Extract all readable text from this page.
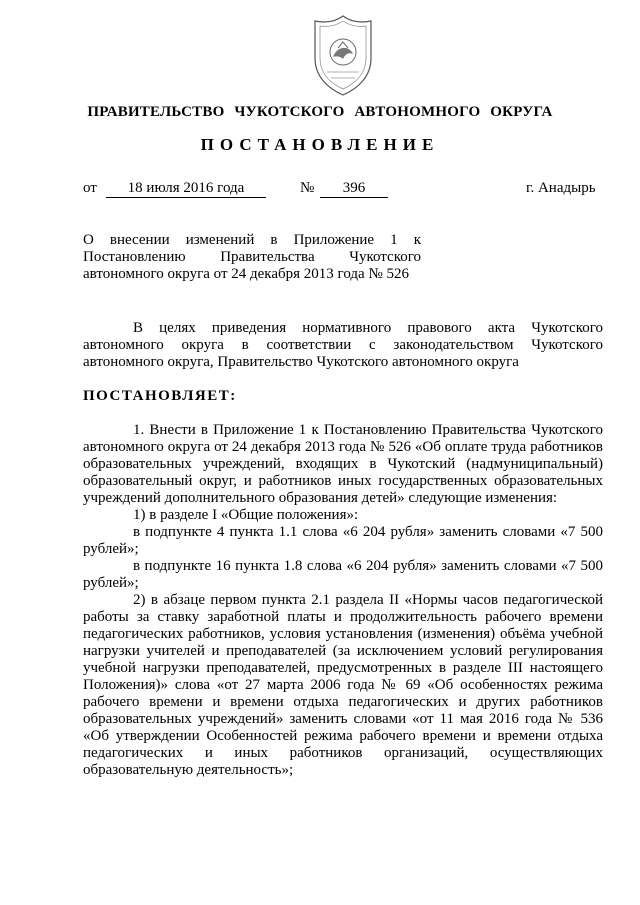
ПРАВИТЕЛЬСТВО ЧУКОТСКОГО АВТОНОМНОГО ОКРУГА
ПОСТАНОВЛЕНИЕ
от	18 июля 2016 года	№	396	г. Анадырь
О внесении изменений в Приложение 1 к Постановлению Правительства Чукотского автономного округа от 24 декабря 2013 года № 526

В целях приведения нормативного правового акта Чукотского автономного округа в соответствии с законодательством Чукотского автономного округа, Правительство Чукотского автономного округа

ПОСТАНОВЛЯЕТ:

1. Внести в Приложение 1 к Постановлению Правительства Чукотского автономного округа от 24 декабря 2013 года № 526 «Об оплате труда работников образовательных учреждений, входящих в Чукотский (надмуниципальный) образовательный округ, и работников иных государственных образовательных учреждений дополнительного образования детей» следующие изменения:

1) в разделе I «Общие положения»:

в подпункте 4 пункта 1.1 слова «6 204 рубля» заменить словами «7 500 рублей»;

в подпункте 16 пункта 1.8 слова «6 204 рубля» заменить словами «7 500 рублей»;

2) в абзаце первом пункта 2.1 раздела II «Нормы часов педагогической работы за ставку заработной платы и продолжительность рабочего времени педагогических работников, условия установления (изменения) объёма учебной нагрузки учителей и преподавателей (за исключением условий регулирования учебной нагрузки преподавателей, предусмотренных в разделе III настоящего Положения)» слова «от 27 марта 2006 года № 69 «Об особенностях режима рабочего времени и времени отдыха педагогических и других работников образовательных учреждений» заменить словами «от 11 мая 2016 года № 536 «Об утверждении Особенностей режима рабочего времени и времени отдыха педагогических и иных работников организаций, осуществляющих образовательную деятельность»;
